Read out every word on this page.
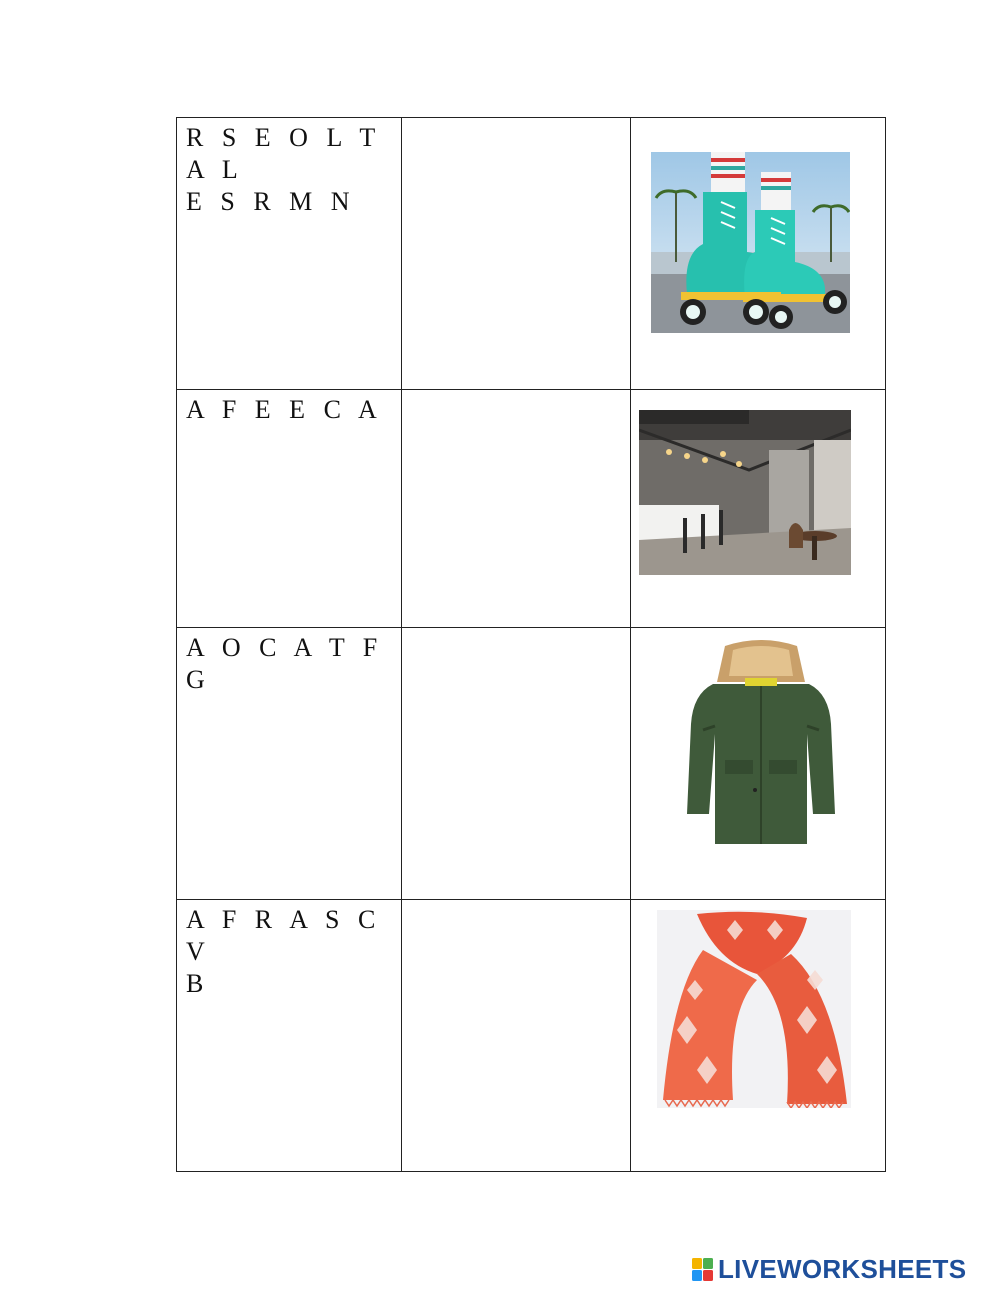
R S E O L T A L
E S R M N

A F E E C A

A O C A T F G

A F R A S C V
B

LIVEWORKSHEETS
